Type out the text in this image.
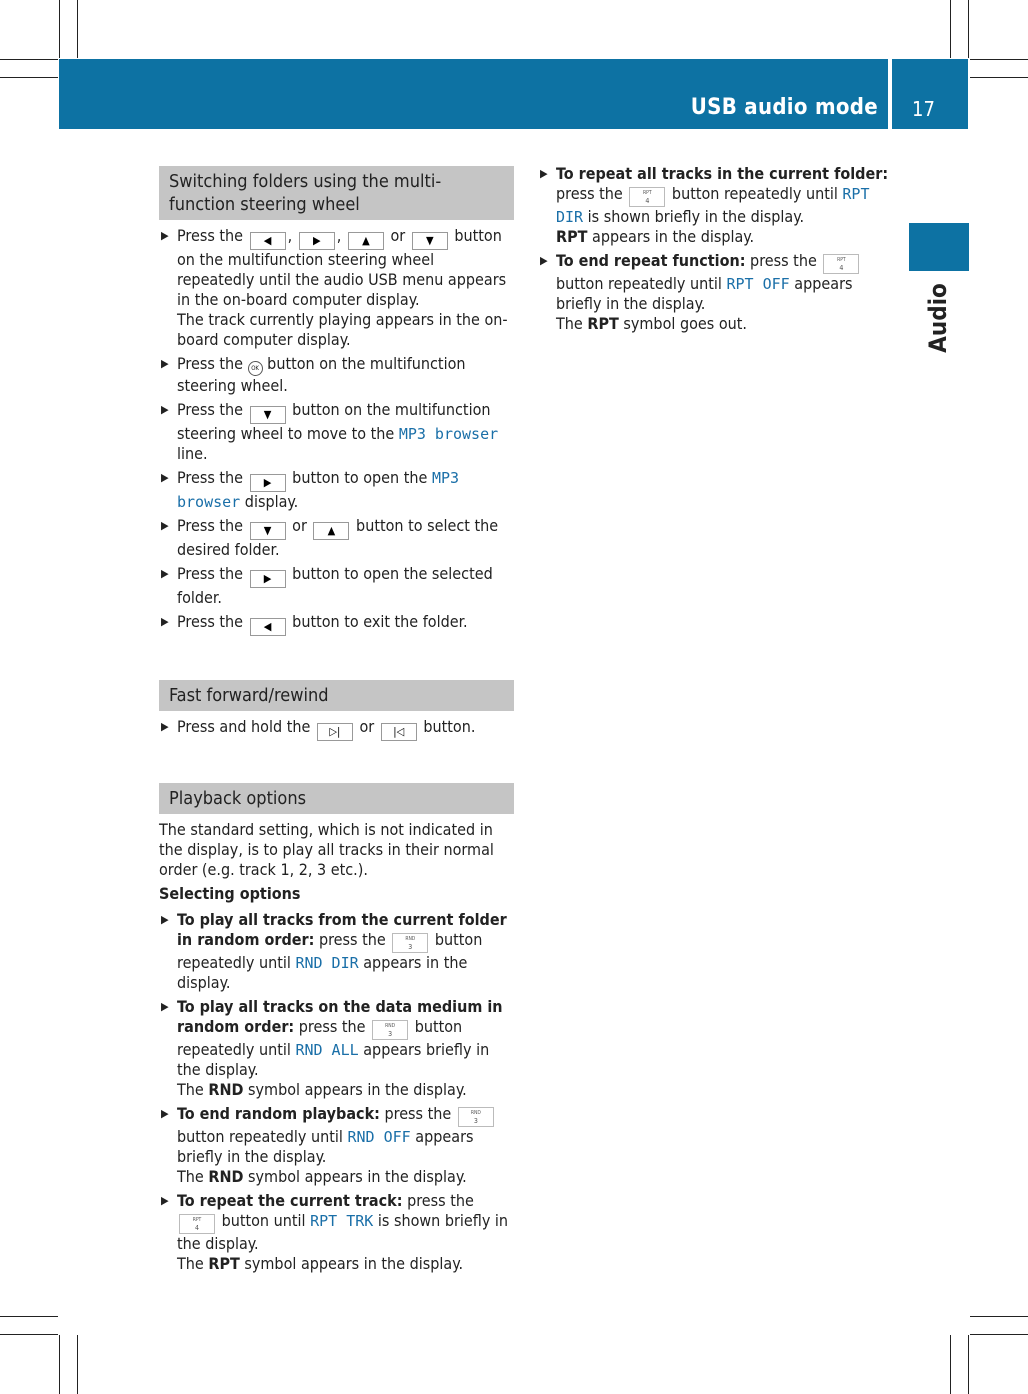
USB audio mode 17
Audio
Switching folders using the multi-
function steering wheel
▶ Press the ◀ , ▶ , ▲ or ▼ button on the multifunction steering wheel repeatedly until the audio USB menu appears in the on-board computer display.
The track currently playing appears in the on-board computer display.
▶ Press the OK button on the multifunction steering wheel.
▶ Press the ▼ button on the multifunction steering wheel to move to the MP3 browser line.
▶ Press the ▶ button to open the MP3 browser display.
▶ Press the ▼ or ▲ button to select the desired folder.
▶ Press the ▶ button to open the selected folder.
▶ Press the ◀ button to exit the folder.
Fast forward/rewind
▶ Press and hold the ▷| or |◁ button.
Playback options

The standard setting, which is not indicated in the display, is to play all tracks in their normal order (e.g. track 1, 2, 3 etc.).

Selecting options

▶ To play all tracks from the current folder in random order: press the	RND
3 button repeatedly until RND DIR appears in the display.
▶ To play all tracks on the data medium in random order: press the	RND
3 button repeatedly until RND ALL appears briefly in the display.
The RND symbol appears in the display.
▶ To end random playback: press the	RND
3 button repeatedly until RND OFF appears briefly in the display.
The RND symbol appears in the display.
▶ To repeat the current track: press the
RPT
4 button until RPT TRK is shown briefly in the display.
The RPT symbol appears in the display.
▶ To repeat all tracks in the current folder: press the	RPT
4 button repeatedly until RPT DIR is shown briefly in the display.
RPT appears in the display.
▶ To end repeat function: press the	RPT
4 button repeatedly until RPT OFF appears briefly in the display.
The RPT symbol goes out.
